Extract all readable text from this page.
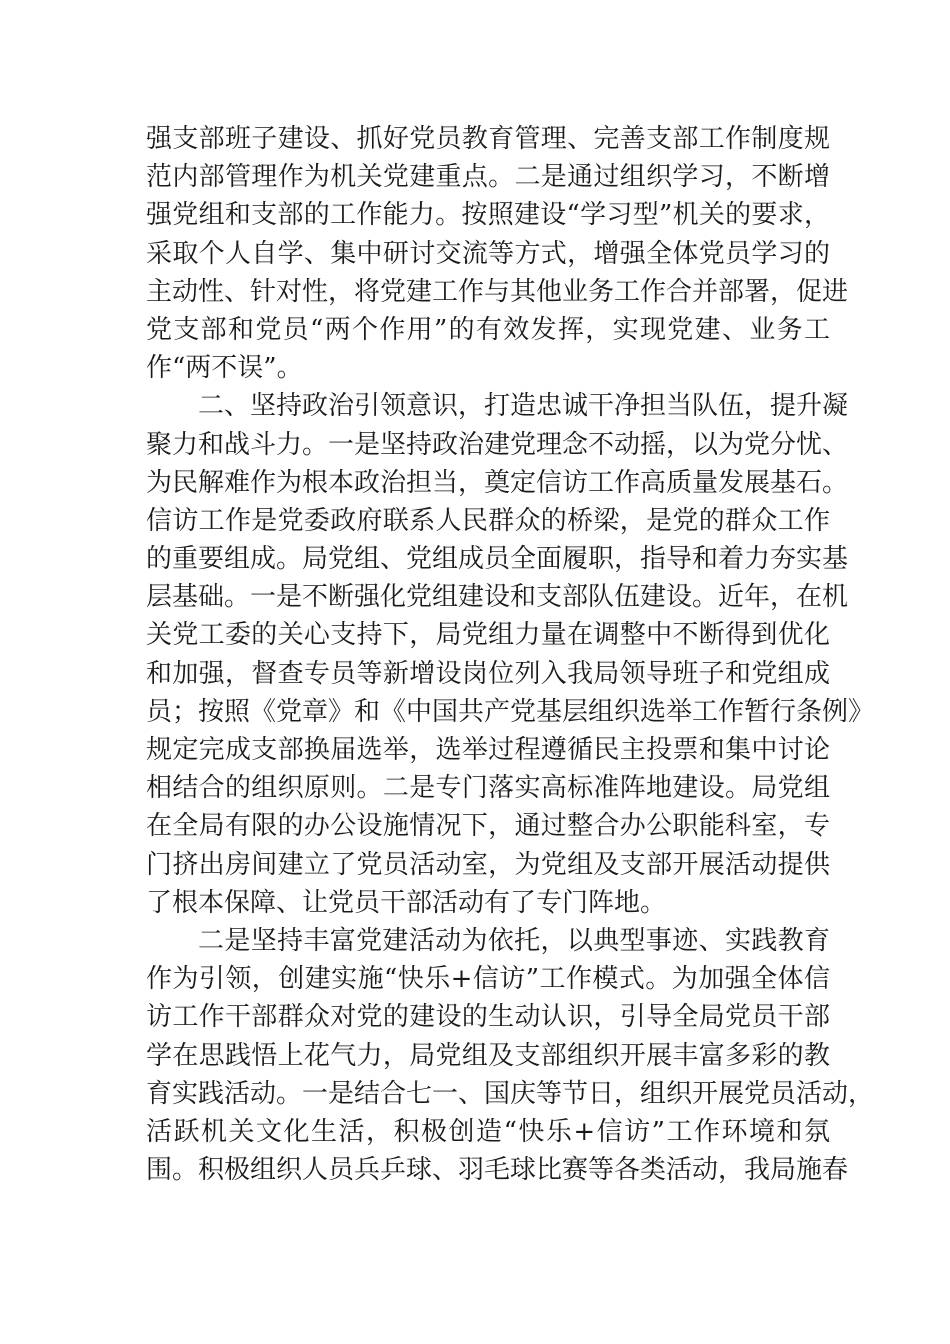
强支部班子建设、抓好党员教育管理、完善支部工作制度规
范内部管理作为机关党建重点。二是通过组织学习，不断增
强党组和支部的工作能力。按照建设“学习型”机关的要求，
采取个人自学、集中研讨交流等方式，增强全体党员学习的
主动性、针对性，将党建工作与其他业务工作合并部署，促进
党支部和党员“两个作用”的有效发挥，实现党建、业务工
作“两不误”。
二、坚持政治引领意识，打造忠诚干净担当队伍，提升凝
聚力和战斗力。一是坚持政治建党理念不动摇，以为党分忧、
为民解难作为根本政治担当，奠定信访工作高质量发展基石。
信访工作是党委政府联系人民群众的桥梁，是党的群众工作
的重要组成。局党组、党组成员全面履职，指导和着力夯实基
层基础。一是不断强化党组建设和支部队伍建设。近年，在机
关党工委的关心支持下，局党组力量在调整中不断得到优化
和加强，督查专员等新增设岗位列入我局领导班子和党组成
员；按照《党章》和《中国共产党基层组织选举工作暂行条例》
规定完成支部换届选举，选举过程遵循民主投票和集中讨论
相结合的组织原则。二是专门落实高标准阵地建设。局党组
在全局有限的办公设施情况下，通过整合办公职能科室，专
门挤出房间建立了党员活动室，为党组及支部开展活动提供
了根本保障、让党员干部活动有了专门阵地。
二是坚持丰富党建活动为依托，以典型事迹、实践教育
作为引领，创建实施“快乐+信访”工作模式。为加强全体信
访工作干部群众对党的建设的生动认识，引导全局党员干部
学在思践悟上花气力，局党组及支部组织开展丰富多彩的教
育实践活动。一是结合七一、国庆等节日，组织开展党员活动，
活跃机关文化生活，积极创造“快乐+信访”工作环境和氛
围。积极组织人员兵乒球、羽毛球比赛等各类活动，我局施春
